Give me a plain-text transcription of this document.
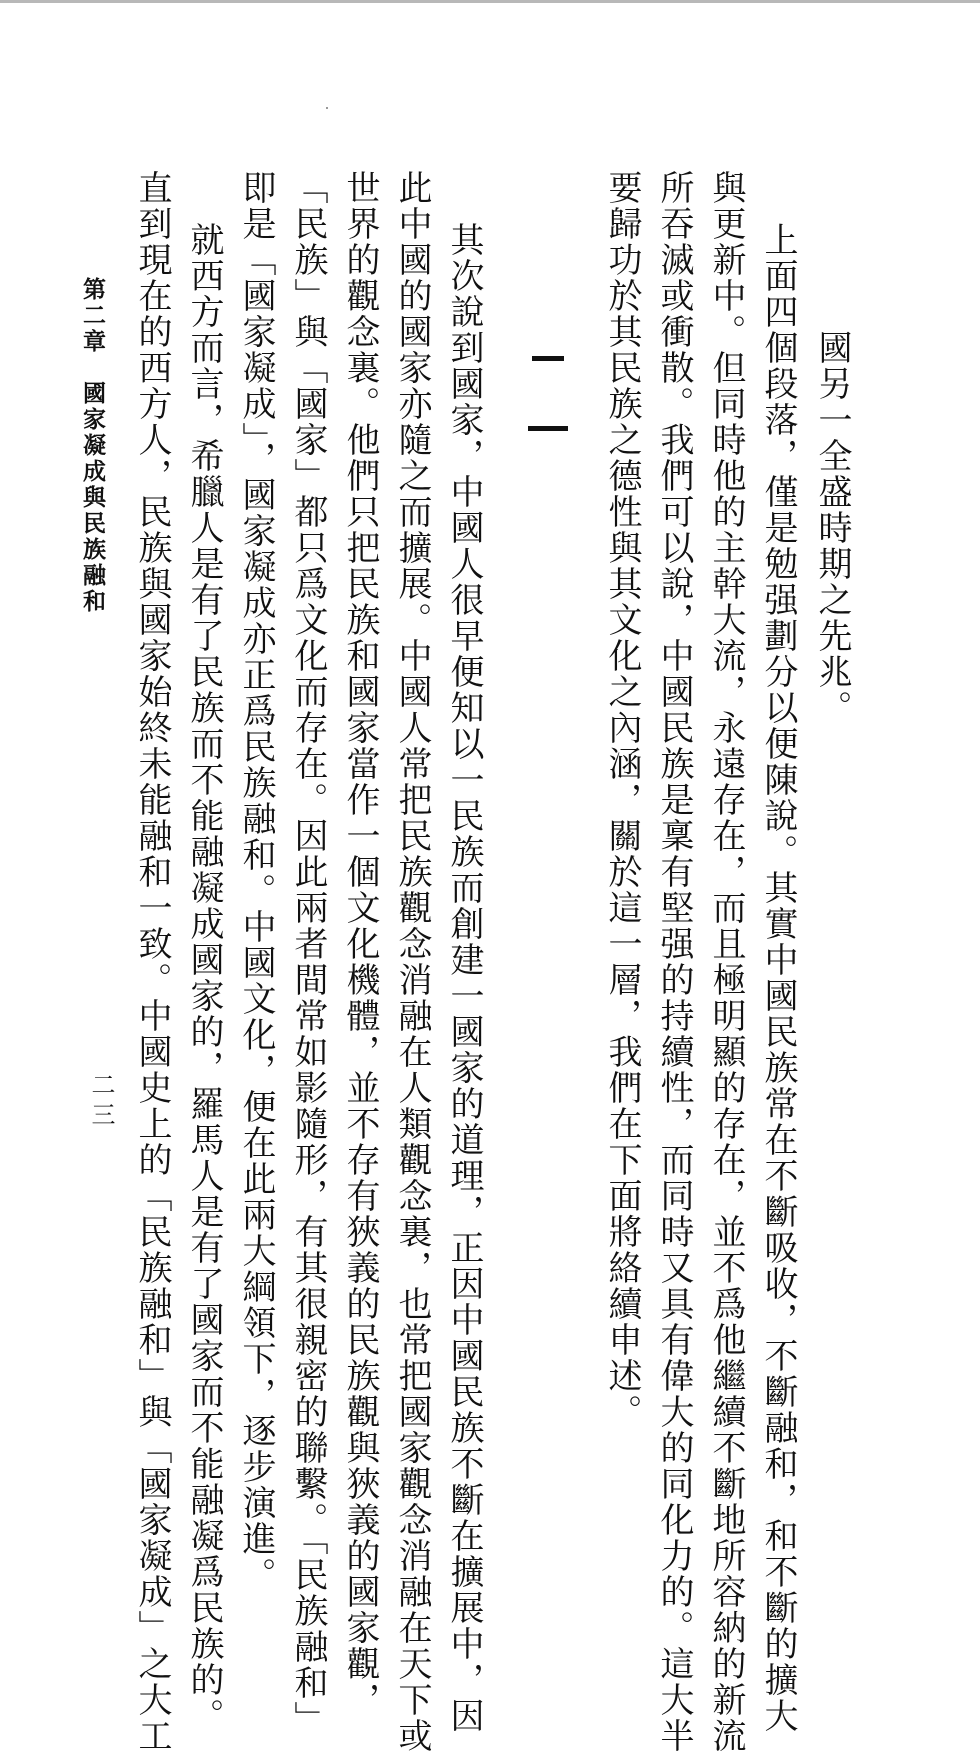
國另一全盛時期之先兆。
上面四個段落，僅是勉强劃分以便陳說。其實中國民族常在不斷吸收，不斷融和，和不斷的擴大
與更新中。但同時他的主幹大流，永遠存在，而且極明顯的存在，並不爲他繼續不斷地所容納的新流
所吞滅或衝散。我們可以說，中國民族是稟有堅强的持續性，而同時又具有偉大的同化力的。這大半
要歸功於其民族之德性與其文化之內涵，關於這一層，我們在下面將絡續申述。
其次說到國家，中國人很早便知以一民族而創建一國家的道理，正因中國民族不斷在擴展中，因
此中國的國家亦隨之而擴展。中國人常把民族觀念消融在人類觀念裏，也常把國家觀念消融在天下或
世界的觀念裏。他們只把民族和國家當作一個文化機體，並不存有狹義的民族觀與狹義的國家觀，
「民族」與「國家」都只爲文化而存在。因此兩者間常如影隨形，有其很親密的聯繫。「民族融和」
即是「國家凝成」，國家凝成亦正爲民族融和。中國文化，便在此兩大綱領下，逐步演進。
就西方而言，希臘人是有了民族而不能融凝成國家的，羅馬人是有了國家而不能融凝爲民族的。
直到現在的西方人，民族與國家始終未能融和一致。中國史上的「民族融和」與「國家凝成」之大工
第二章　國家凝成與民族融和
二三
